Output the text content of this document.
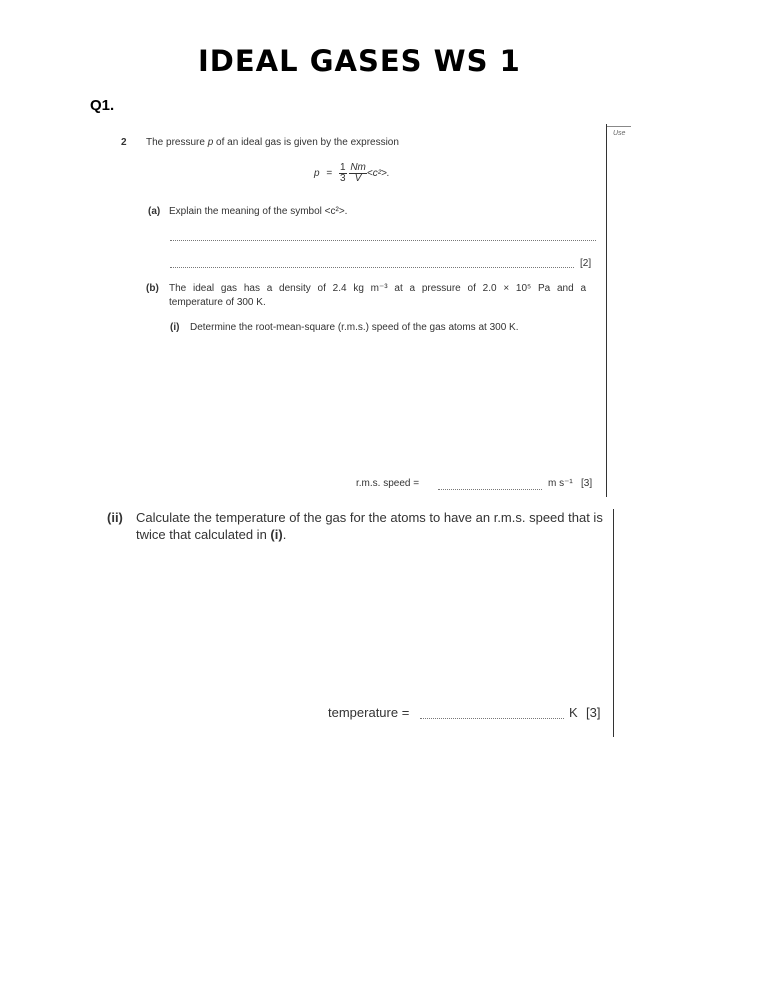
IDEAL GASES WS 1
Q1.
Use
2 The pressure p of an ideal gas is given by the expression
$p = \frac{1}{3}$
$\frac{Nm}{V} <c^2>$.
(a) Explain the meaning of the symbol <c²>.
[2]
(b) The ideal gas has a density of 2.4 kg m⁻³ at a pressure of 2.0 × 10⁵ Pa and a
temperature of 300 K.
(i) Determine the root-mean-square (r.m.s.) speed of the gas atoms at 300 K.
r.m.s. speed =	m s⁻¹ [3]
(ii) Calculate the temperature of the gas for the atoms to have an r.m.s. speed that is
twice that calculated in (i).
temperature =	K [3]
